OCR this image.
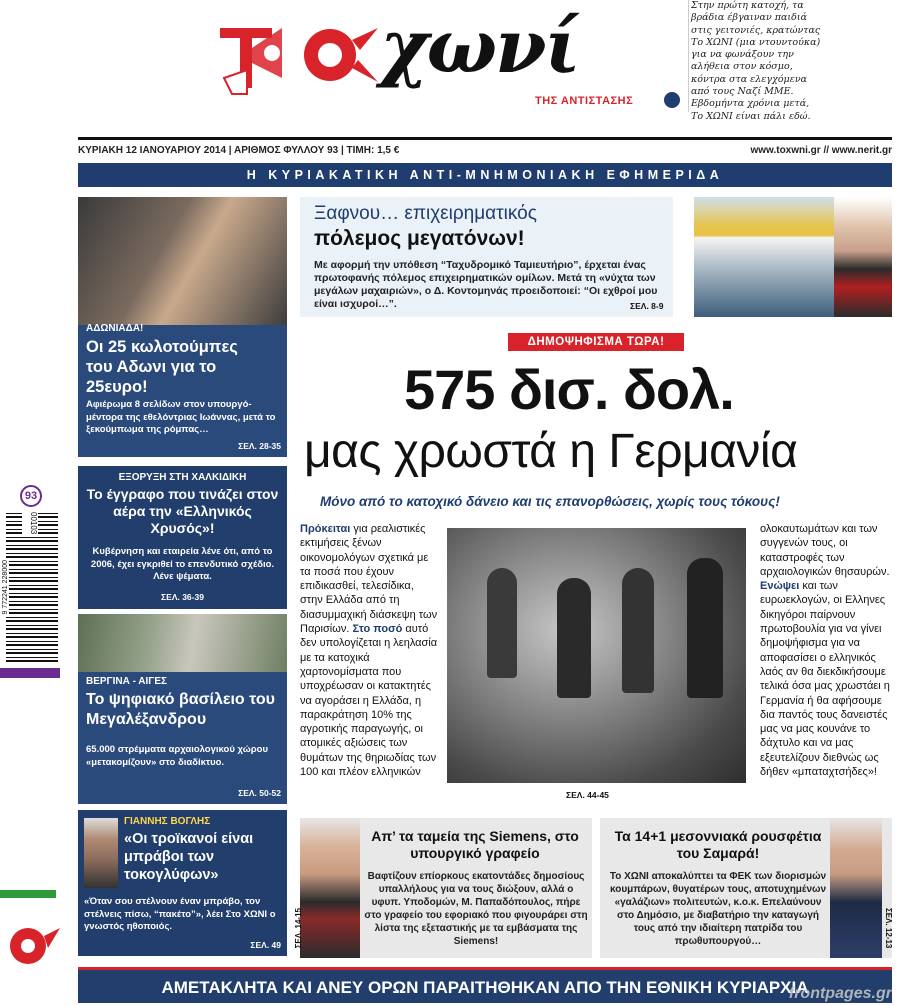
χωνί
ΤΗΣ ΑΝΤΙΣΤΑΣΗΣ
Στην πρώτη κατοχή, τα
βράδια έβγαιναν παιδιά
στις γειτονιές, κρατώντας
Το ΧΩΝΙ (μια ντουντούκα)
για να φωνάξουν την
αλήθεια στον κόσμο,
κόντρα στα ελεγχόμενα
από τους Ναζί ΜΜΕ.
Εβδομήντα χρόνια μετά,
Το ΧΩΝΙ είναι πάλι εδώ.
ΚΥΡΙΑΚΗ 12 ΙΑΝΟΥΑΡΙΟΥ 2014 | ΑΡΙΘΜΟΣ ΦΥΛΛΟΥ 93 | ΤΙΜΗ: 1,5 €	www.toxwni.gr // www.nerit.gr
Η ΚΥΡΙΑΚΑΤΙΚΗ ΑΝΤΙ-ΜΝΗΜΟΝΙΑΚΗ ΕΦΗΜΕΡΙΔΑ
93
00103
9 772241 228000
ΑΔΩΝΙΑΔΑ!
Οι 25 κωλοτούμπες του Αδωνι για το 25ευρο!
Αφιέρωμα 8 σελίδων στον υπουργό-μέντορα της εθελόντριας Ιωάννας, μετά το ξεκούμπωμα της ρόμπας…
ΣΕΛ. 28-35
ΕΞΟΡΥΞΗ ΣΤΗ ΧΑΛΚΙΔΙΚΗ
Το έγγραφο που τινάζει στον αέρα την «Ελληνικός Χρυσός»!
Κυβέρνηση και εταιρεία λένε ότι, από το 2006, έχει εγκριθεί το επενδυτικό σχέδιο. Λένε ψέματα.
ΣΕΛ. 36-39
ΒΕΡΓΙΝΑ - ΑΙΓΕΣ
Το ψηφιακό βασίλειο του Μεγαλέξανδρου
65.000 στρέμματα αρχαιολογικού χώρου «μετακομίζουν» στο διαδίκτυο.
ΣΕΛ. 50-52
ΓΙΑΝΝΗΣ ΒΟΓΛΗΣ
«Οι τροϊκανοί είναι μπράβοι των τοκογλύφων»
«Όταν σου στέλνουν έναν μπράβο, τον στέλνεις πίσω, “πακέτο”», λέει Στο ΧΩΝΙ ο γνωστός ηθοποιός.
ΣΕΛ. 49
Ξαφνου… επιχειρηματικός
πόλεμος μεγατόνων!
Με αφορμή την υπόθεση “Ταχυδρομικό Ταμιευτήριο”, έρχεται ένας πρωτοφανής πόλεμος επιχειρηματικών ομίλων. Μετά τη «νύχτα των μεγάλων μαχαιριών», ο Δ. Κοντομηνάς προειδοποιεί: “Οι εχθροί μου είναι ισχυροί…”.	ΣΕΛ. 8-9
ΔΗΜΟΨΗΦΙΣΜΑ ΤΩΡΑ!
575 δισ. δολ.
μας χρωστά η Γερμανία
Μόνο από το κατοχικό δάνειο και τις επανορθώσεις, χωρίς τους τόκους!
Πρόκειται για ρεαλιστικές εκτιμήσεις ξένων οικονομολόγων σχετικά με τα ποσά που έχουν επιδικασθεί, τελεσίδικα, στην Ελλάδα από τη διασυμμαχική διάσκεψη των Παρισίων. Στο ποσό αυτό δεν υπολογίζεται η λεηλασία με τα κατοχικά χαρτονομίσματα που υποχρέωσαν οι κατακτητές να αγοράσει η Ελλάδα, η παρακράτηση 10% της αγροτικής παραγωγής, οι ατομικές αξιώσεις των θυμάτων της θηριωδίας των 100 και πλέον ελληνικών
ΣΕΛ. 44-45
ολοκαυτωμάτων και των συγγενών τους, οι καταστροφές των αρχαιολογικών θησαυρών. Ενώψει και των ευρωεκλογών, οι Ελληνες δικηγόροι παίρνουν πρωτοβουλία για να γίνει δημοψήφισμα για να αποφασίσει ο ελληνικός λαός αν θα διεκδικήσουμε τελικά όσα μας χρωστάει η Γερμανία ή θα αφήσουμε δια παντός τους δανειστές μας να μας κουνάνε το δάχτυλο και να μας εξευτελίζουν διεθνώς ως δήθεν «μπαταχτσήδες»!
ΣΕΛ. 14-15
Απ’ τα ταμεία της Siemens, στο υπουργικό γραφείο
Βαφτίζουν επίορκους εκατοντάδες δημοσίους υπαλλήλους για να τους διώξουν, αλλά ο υφυπ. Υποδομών, Μ. Παπαδόπουλος, πήρε στο γραφείο του εφοριακό που φιγουράρει στη λίστα της εξεταστικής με τα εμβάσματα της Siemens!
Τα 14+1 μεσοννιακά ρουσφέτια του Σαμαρά!
Το ΧΩΝΙ αποκαλύπτει τα ΦΕΚ των διορισμών κουμπάρων, θυγατέρων τους, αποτυχημένων «γαλάζιων» πολιτευτών, κ.ο.κ. Επελαύνουν στο Δημόσιο, με διαβατήριο την καταγωγή τους από την ιδιαίτερη πατρίδα του πρωθυπουργού…	ΣΕΛ. 12-13
ΑΜΕΤΑΚΛΗΤΑ ΚΑΙ ΑΝΕΥ ΟΡΩΝ ΠΑΡΑΙΤΗΘΗΚΑΝ ΑΠΟ ΤΗΝ ΕΘΝΙΚΗ ΚΥΡΙΑΡΧΙΑ
frontpages.gr
